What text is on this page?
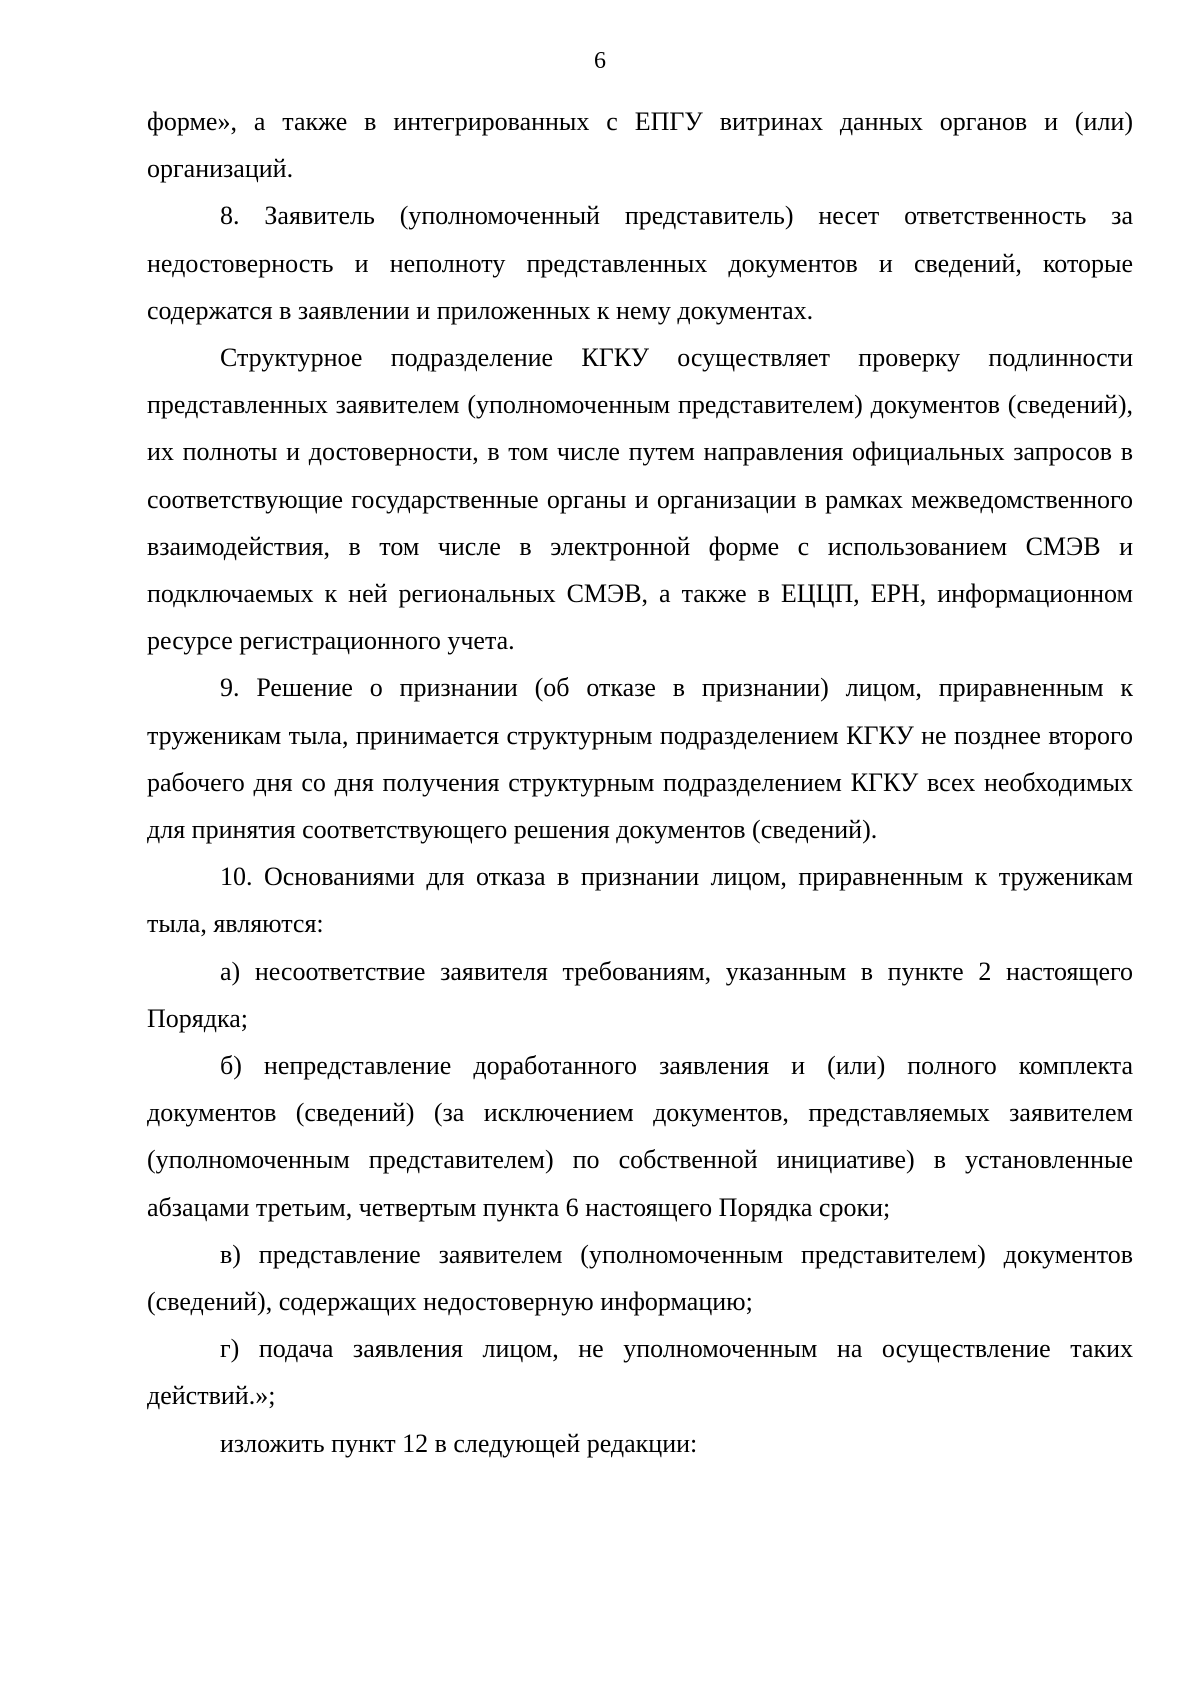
6

форме», а также в интегрированных с ЕПГУ витринах данных органов и (или) организаций.

8. Заявитель (уполномоченный представитель) несет ответственность за недостоверность и неполноту представленных документов и сведений, которые содержатся в заявлении и приложенных к нему документах.

Структурное подразделение КГКУ осуществляет проверку подлинности представленных заявителем (уполномоченным представителем) документов (сведений), их полноты и достоверности, в том числе путем направления официальных запросов в соответствующие государственные органы и организации в рамках межведомственного взаимодействия, в том числе в электронной форме с использованием СМЭВ и подключаемых к ней региональных СМЭВ, а также в ЕЦЦП, ЕРН, информационном ресурсе регистрационного учета.

9. Решение о признании (об отказе в признании) лицом, приравненным к труженикам тыла, принимается структурным подразделением КГКУ не позднее второго рабочего дня со дня получения структурным подразделением КГКУ всех необходимых для принятия соответствующего решения документов (сведений).

10. Основаниями для отказа в признании лицом, приравненным к труженикам тыла, являются:

а) несоответствие заявителя требованиям, указанным в пункте 2 настоящего Порядка;

б) непредставление доработанного заявления и (или) полного комплекта документов (сведений) (за исключением документов, представляемых заявителем (уполномоченным представителем) по собственной инициативе) в установленные абзацами третьим, четвертым пункта 6 настоящего Порядка сроки;

в) представление заявителем (уполномоченным представителем) документов (сведений), содержащих недостоверную информацию;

г) подача заявления лицом, не уполномоченным на осуществление таких действий.»;

изложить пункт 12 в следующей редакции:
